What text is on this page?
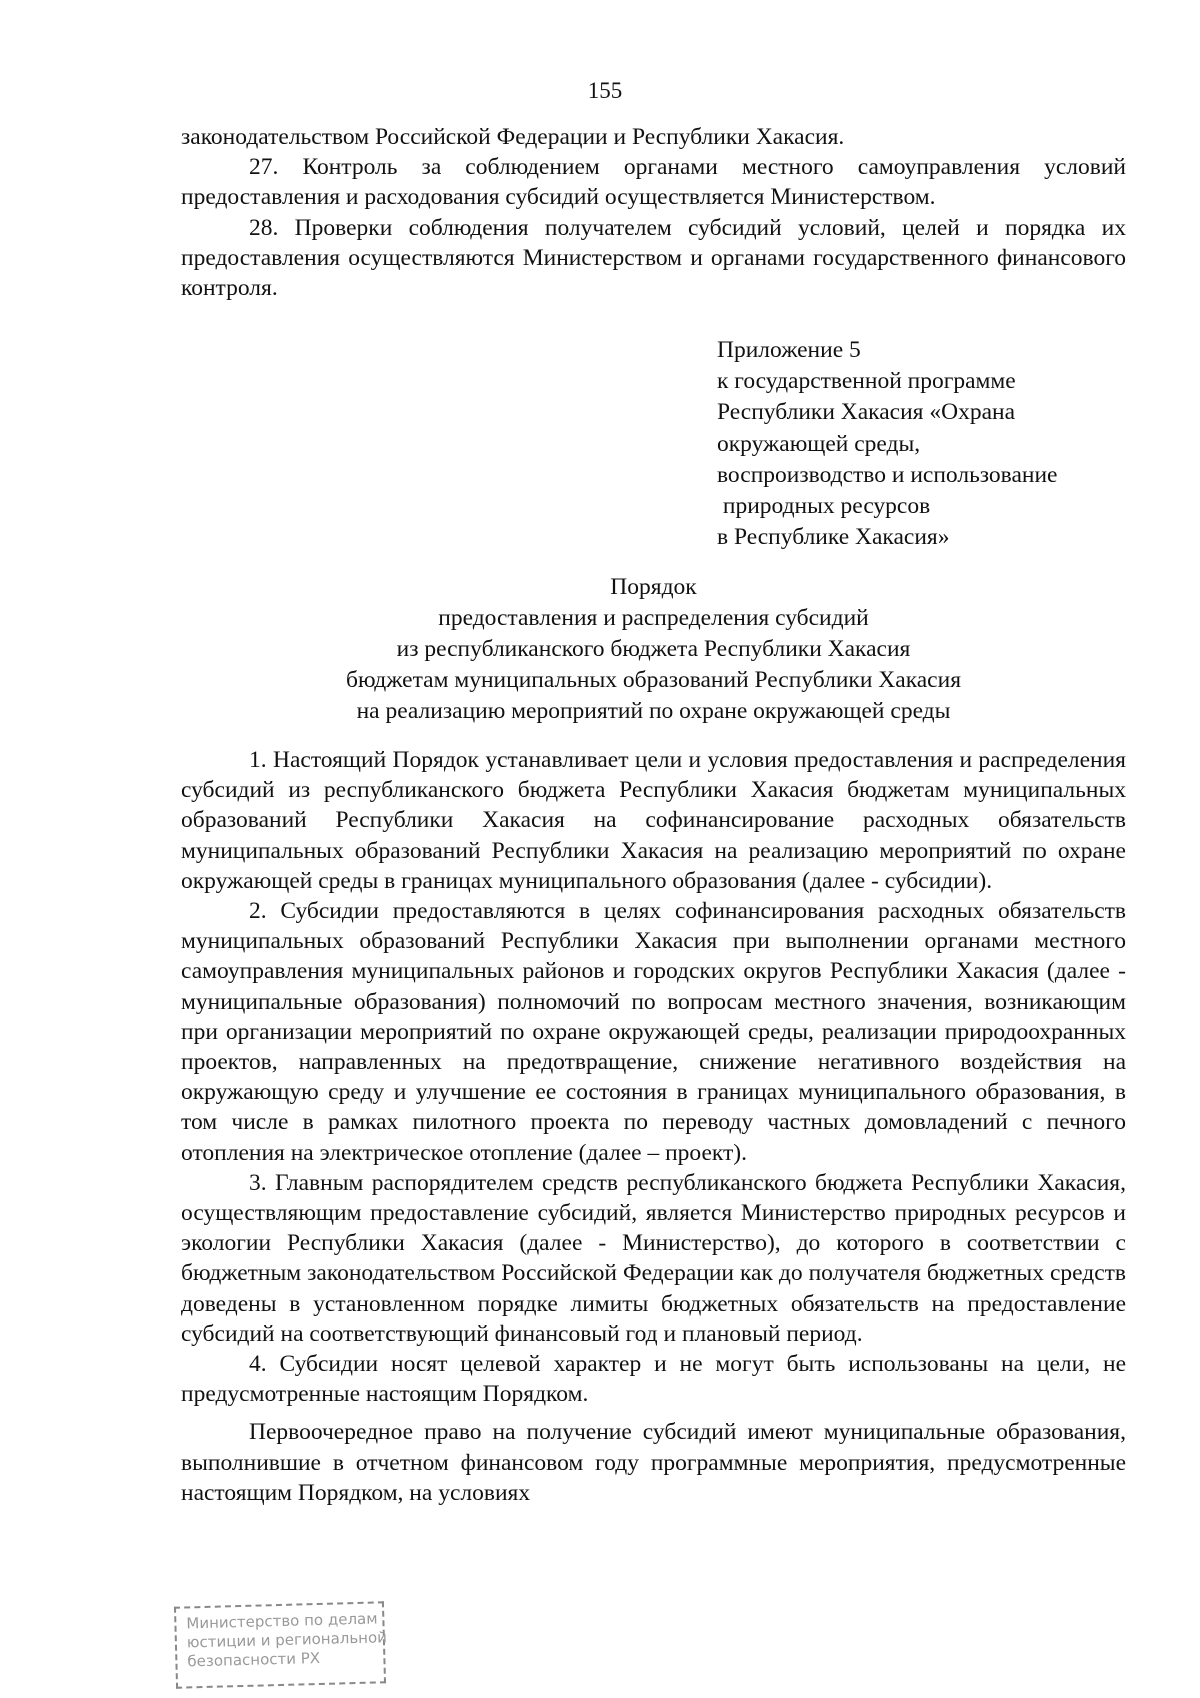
155

законодательством Российской Федерации и Республики Хакасия.

27. Контроль за соблюдением органами местного самоуправления условий предоставления и расходования субсидий осуществляется Министерством.

28. Проверки соблюдения получателем субсидий условий, целей и порядка их предоставления осуществляются Министерством и органами государственного финансового контроля.

Приложение 5
к государственной программе
Республики Хакасия «Охрана
окружающей среды,
воспроизводство и использование
природных ресурсов
в Республике Хакасия»
Порядок
предоставления и распределения субсидий
из республиканского бюджета Республики Хакасия
бюджетам муниципальных образований Республики Хакасия
на реализацию мероприятий по охране окружающей среды

1. Настоящий Порядок устанавливает цели и условия предоставления и распределения субсидий из республиканского бюджета Республики Хакасия бюджетам муниципальных образований Республики Хакасия на софинансирование расходных обязательств муниципальных образований Республики Хакасия на реализацию мероприятий по охране окружающей среды в границах муниципального образования (далее - субсидии).

2. Субсидии предоставляются в целях софинансирования расходных обязательств муниципальных образований Республики Хакасия при выполнении органами местного самоуправления муниципальных районов и городских округов Республики Хакасия (далее - муниципальные образования) полномочий по вопросам местного значения, возникающим при организации мероприятий по охране окружающей среды, реализации природоохранных проектов, направленных на предотвращение, снижение негативного воздействия на окружающую среду и улучшение ее состояния в границах муниципального образования, в том числе в рамках пилотного проекта по переводу частных домовладений с печного отопления на электрическое отопление (далее – проект).

3. Главным распорядителем средств республиканского бюджета Республики Хакасия, осуществляющим предоставление субсидий, является Министерство природных ресурсов и экологии Республики Хакасия (далее - Министерство), до которого в соответствии с бюджетным законодательством Российской Федерации как до получателя бюджетных средств доведены в установленном порядке лимиты бюджетных обязательств на предоставление субсидий на соответствующий финансовый год и плановый период.

4. Субсидии носят целевой характер и не могут быть использованы на цели, не предусмотренные настоящим Порядком.

Первоочередное право на получение субсидий имеют муниципальные образования, выполнившие в отчетном финансовом году программные мероприятия, предусмотренные настоящим Порядком, на условиях

Министерство по делам
юстиции и региональной
безопасности РХ
